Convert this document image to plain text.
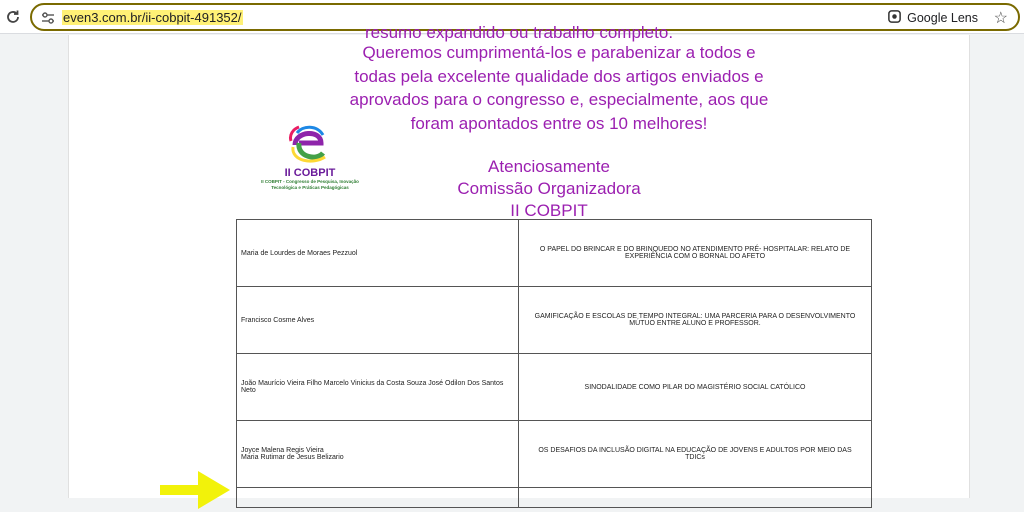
even3.com.br/ii-cobpit-491352/	Google Lens ☆
resumo expandido ou trabalho completo.
Queremos cumprimentá-los e parabenizar a todos e
todas pela excelente qualidade dos artigos enviados e
aprovados para o congresso e, especialmente, aos que
foram apontados entre os 10 melhores!
II COBPIT
II COBPIT - Congresso de Pesquisa, Inovação Tecnológica e Práticas Pedagógicas
Atenciosamente
Comissão Organizadora
II COBPIT
Maria de Lourdes de Moraes Pezzuol	O PAPEL DO BRINCAR E DO BRINQUEDO NO ATENDIMENTO PRÉ- HOSPITALAR: RELATO DE EXPERIÊNCIA COM O BORNAL DO AFETO

Francisco Cosme Alves	GAMIFICAÇÃO E ESCOLAS DE TEMPO INTEGRAL: UMA PARCERIA PARA O DESENVOLVIMENTO MÚTUO ENTRE ALUNO E PROFESSOR.

João Maurício Vieira Filho Marcelo Vinicius da Costa Souza José Odilon Dos Santos Neto	SINODALIDADE COMO PILAR DO MAGISTÉRIO SOCIAL CATÓLICO

Joyce Malena Regis Vieira
Maria Rutimar de Jesus Belizario	OS DESAFIOS DA INCLUSÃO DIGITAL NA EDUCAÇÃO DE JOVENS E ADULTOS POR MEIO DAS TDICs
